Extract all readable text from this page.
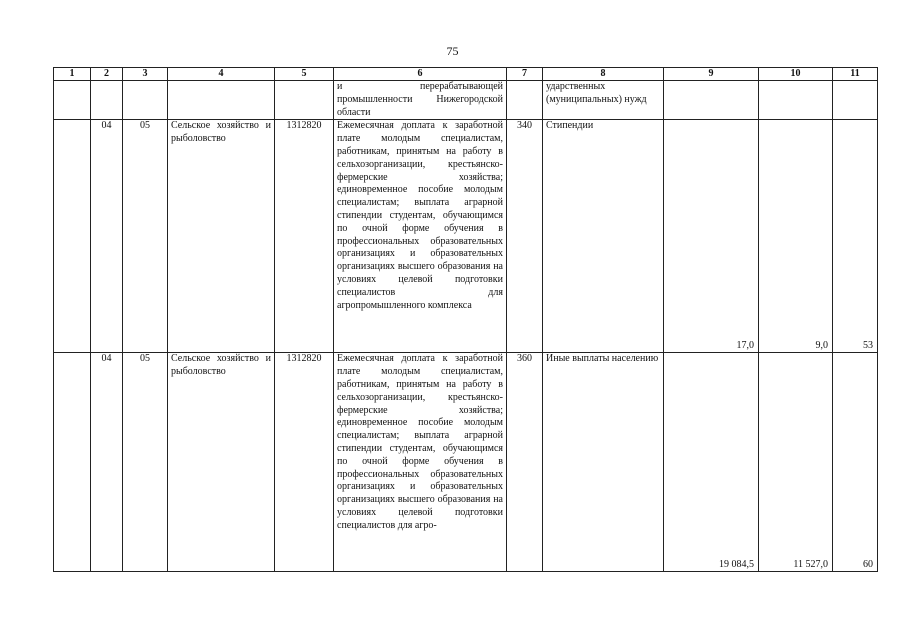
75
1	2	3	4	5	6	7	8	9	10	11
					и перерабатывающей промышленности Нижегородской области		ударственных (муниципальных) нужд	

	04	05	Сельское хозяйство и рыболовство	1312820	Ежемесячная доплата к заработной плате молодым специалистам, работникам, принятым на работу в сельхозорганизации, крестьянско-фермерские хозяйства; единовременное пособие молодым специалистам; выплата аграрной стипендии студентам, обучающимся по очной форме обучения в профессиональных образовательных организациях и образовательных организациях высшего образования на условиях целевой подготовки специалистов для агропромышленного комплекса	340	Стипендии	17,0	9,0	53

	04	05	Сельское хозяйство и рыболовство	1312820	Ежемесячная доплата к заработной плате молодым специалистам, работникам, принятым на работу в сельхозорганизации, крестьянско-фермерские хозяйства; единовременное пособие молодым специалистам; выплата аграрной стипендии студентам, обучающимся по очной форме обучения в профессиональных образовательных организациях и образовательных организациях высшего образования на условиях целевой подготовки специалистов для агро-	360	Иные выплаты населению	19 084,5	11 527,0	60
